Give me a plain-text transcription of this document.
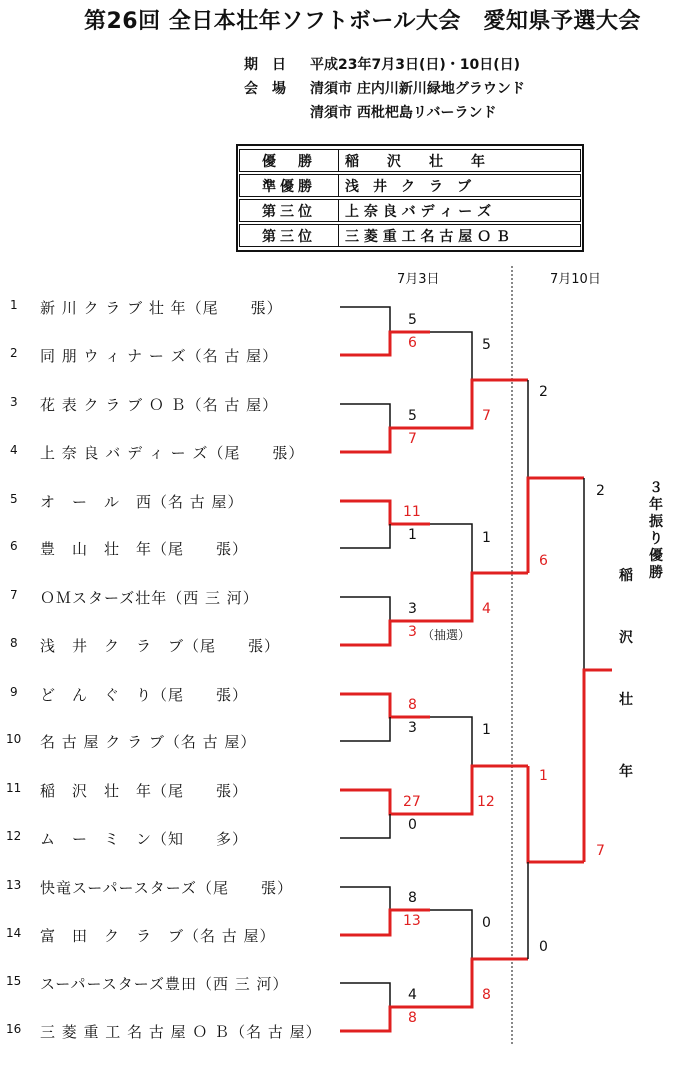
第26回 全日本壮年ソフトボール大会　愛知県予選大会
期　日 平成23年7月3日(日)・10日(日)
会　場 清須市 庄内川新川緑地グラウンド
清須市 西枇杷島リバーランド
優　勝	稲　　沢　　壮　　年
準優勝	浅　井　ク　ラ　ブ
第三位	上 奈 良 バ デ ィ ー ズ
第三位	三 菱 重 工 名 古 屋 Ｏ Ｂ
7月3日	7月10日
1 新 川 ク ラ ブ 壮 年（尾　　張）
2 同 朋 ウ ィ ナ ー ズ（名 古 屋）
3 花 表 ク ラ ブ Ｏ Ｂ（名 古 屋）
4 上 奈 良 バ デ ィ ー ズ（尾　　張）
5 オ　ー　ル　西（名 古 屋）
6 豊　山　壮　年（尾　　張）
7 ＯＭスターズ壮年（西 三 河）
8 浅　井　ク　ラ　ブ（尾　　張）
9 ど　ん　ぐ　り（尾　　張）
10 名 古 屋 ク ラ ブ（名 古 屋）
11 稲　沢　壮　年（尾　　張）
12 ム　ー　ミ　ン（知　　多）
13 快竜スーパースターズ（尾　　張）
14 富　田　ク　ラ　ブ（名 古 屋）
15 スーパースターズ豊田（西 三 河）
16 三 菱 重 工 名 古 屋 Ｏ Ｂ（名 古 屋）
5
6
5
7
11
1
3
3 （抽選）
8
3
27
0
8
13
4
8
5
7
1
4
1
12
0
8
2
6
1
0
2
7
３
年
振
り
優
勝
稲
沢
壮
年
